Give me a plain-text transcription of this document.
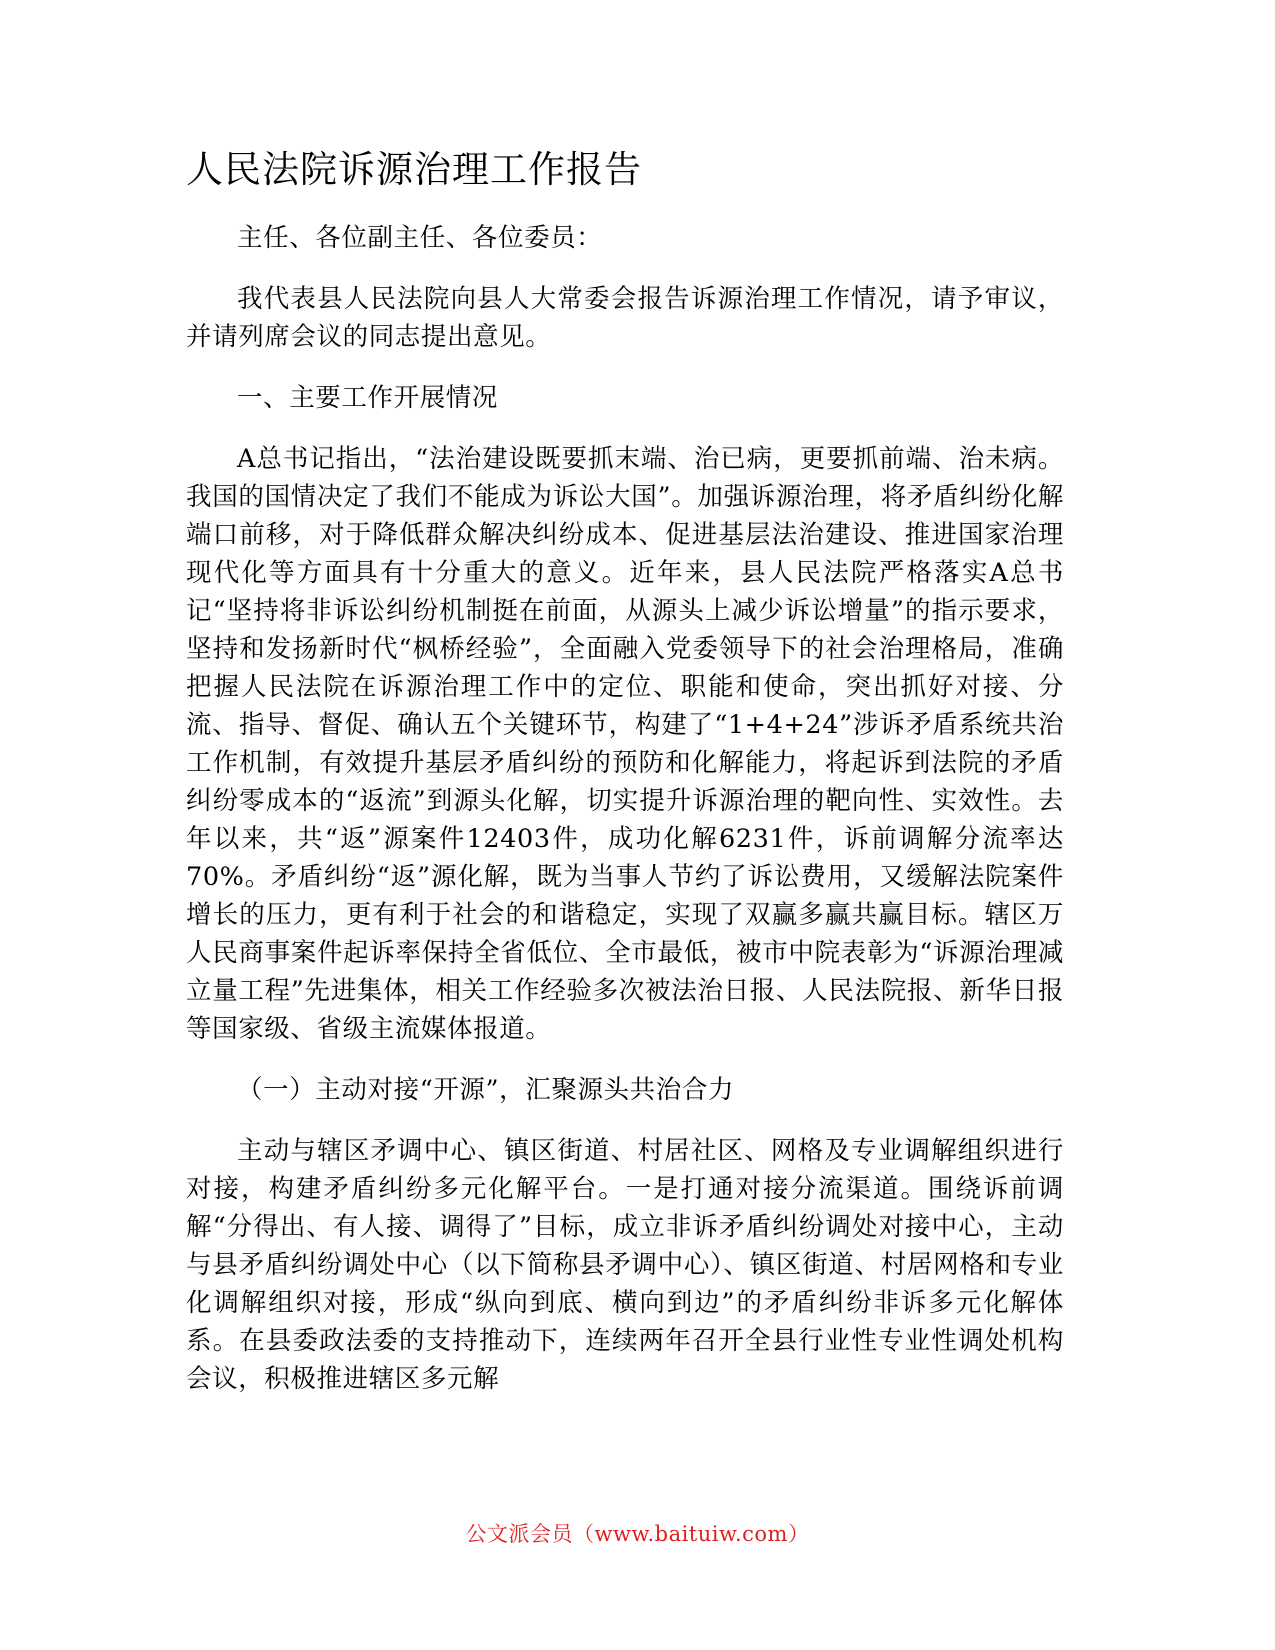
人民法院诉源治理工作报告

主任、各位副主任、各位委员：

我代表县人民法院向县人大常委会报告诉源治理工作情况，请予审议，并请列席会议的同志提出意见。

一、主要工作开展情况

A总书记指出，“法治建设既要抓末端、治已病，更要抓前端、治未病。我国的国情决定了我们不能成为诉讼大国”。加强诉源治理，将矛盾纠纷化解端口前移，对于降低群众解决纠纷成本、促进基层法治建设、推进国家治理现代化等方面具有十分重大的意义。近年来，县人民法院严格落实A总书记“坚持将非诉讼纠纷机制挺在前面，从源头上减少诉讼增量”的指示要求，坚持和发扬新时代“枫桥经验”，全面融入党委领导下的社会治理格局，准确把握人民法院在诉源治理工作中的定位、职能和使命，突出抓好对接、分流、指导、督促、确认五个关键环节，构建了“1+4+24”涉诉矛盾系统共治工作机制，有效提升基层矛盾纠纷的预防和化解能力，将起诉到法院的矛盾纠纷零成本的“返流”到源头化解，切实提升诉源治理的靶向性、实效性。去年以来，共“返”源案件12403件，成功化解6231件，诉前调解分流率达70%。矛盾纠纷“返”源化解，既为当事人节约了诉讼费用，又缓解法院案件增长的压力，更有利于社会的和谐稳定，实现了双赢多赢共赢目标。辖区万人民商事案件起诉率保持全省低位、全市最低，被市中院表彰为“诉源治理减立量工程”先进集体，相关工作经验多次被法治日报、人民法院报、新华日报等国家级、省级主流媒体报道。

（一）主动对接“开源”，汇聚源头共治合力

主动与辖区矛调中心、镇区街道、村居社区、网格及专业调解组织进行对接，构建矛盾纠纷多元化解平台。一是打通对接分流渠道。围绕诉前调解“分得出、有人接、调得了”目标，成立非诉矛盾纠纷调处对接中心，主动与县矛盾纠纷调处中心（以下简称县矛调中心）、镇区街道、村居网格和专业化调解组织对接，形成“纵向到底、横向到边”的矛盾纠纷非诉多元化解体系。在县委政法委的支持推动下，连续两年召开全县行业性专业性调处机构会议，积极推进辖区多元解

公文派会员（www.baituiw.com）
